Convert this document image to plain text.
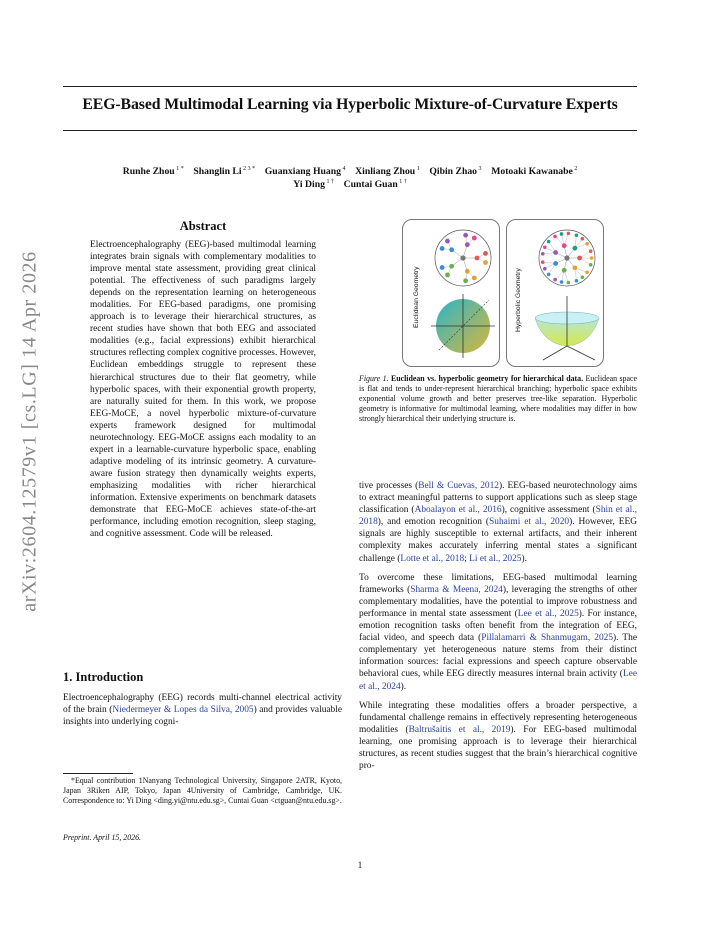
EEG-Based Multimodal Learning via Hyperbolic Mixture-of-Curvature Experts
Runhe Zhou $^{1 *}$  Shanglin Li $^{2 3 *}$  Guanxiang Huang $^4$  Xinliang Zhou $^1$  Qibin Zhao $^3$  Motoaki Kawanabe $^2$
Yi Ding $^{1 \dagger}$  Cuntai Guan $^{1 \dagger}$
arXiv:2604.12579v1 [cs.LG] 14 Apr 2026
Abstract
Electroencephalography (EEG)-based multimodal learning integrates brain signals with complementary modalities to improve mental state assessment, providing great clinical potential. The effectiveness of such paradigms largely depends on the representation learning on heterogeneous modalities. For EEG-based paradigms, one promising approach is to leverage their hierarchical structures, as recent studies have shown that both EEG and associated modalities (e.g., facial expressions) exhibit hierarchical structures reflecting complex cognitive processes. However, Euclidean embeddings struggle to represent these hierarchical structures due to their flat geometry, while hyperbolic spaces, with their exponential growth property, are naturally suited for them. In this work, we propose EEG-MoCE, a novel hyperbolic mixture-of-curvature experts framework designed for multimodal neurotechnology. EEG-MoCE assigns each modality to an expert in a learnable-curvature hyperbolic space, enabling adaptive modeling of its intrinsic geometry. A curvature-aware fusion strategy then dynamically weights experts, emphasizing modalities with richer hierarchical information. Extensive experiments on benchmark datasets demonstrate that EEG-MoCE achieves state-of-the-art performance, including emotion recognition, sleep staging, and cognitive assessment. Code will be released.
1. Introduction
Electroencephalography (EEG) records multi-channel electrical activity of the brain (Niedermeyer & Lopes da Silva, 2005) and provides valuable insights into underlying cogni-
*Equal contribution 1Nanyang Technological University, Singapore 2ATR, Kyoto, Japan 3Riken AIP, Tokyo, Japan 4University of Cambridge, Cambridge, UK. Correspondence to: Yi Ding <ding.yi@ntu.edu.sg>, Cuntai Guan <ctguan@ntu.edu.sg>.
Preprint. April 15, 2026.
Euclidean Geometry	Hyperbolic Geometry
Figure 1. Euclidean vs. hyperbolic geometry for hierarchical data. Euclidean space is flat and tends to under-represent hierarchical branching; hyperbolic space exhibits exponential volume growth and better preserves tree-like separation. Hyperbolic geometry is informative for multimodal learning, where modalities may differ in how strongly hierarchical their underlying structure is.

tive processes (Bell & Cuevas, 2012). EEG-based neurotechnology aims to extract meaningful patterns to support applications such as sleep stage classification (Aboalayon et al., 2016), cognitive assessment (Shin et al., 2018), and emotion recognition (Suhaimi et al., 2020). However, EEG signals are highly susceptible to external artifacts, and their inherent complexity makes accurately inferring mental states a significant challenge (Lotte et al., 2018; Li et al., 2025).

To overcome these limitations, EEG-based multimodal learning frameworks (Sharma & Meena, 2024), leveraging the strengths of other complementary modalities, have the potential to improve robustness and performance in mental state assessment (Lee et al., 2025). For instance, emotion recognition tasks often benefit from the integration of EEG, facial video, and speech data (Pillalamarri & Shanmugam, 2025). The complementary yet heterogeneous nature stems from their distinct information sources: facial expressions and speech capture observable behavioral cues, while EEG directly measures internal brain activity (Lee et al., 2024).

While integrating these modalities offers a broader perspective, a fundamental challenge remains in effectively representing heterogeneous modalities (Baltrušaitis et al., 2019). For EEG-based multimodal learning, one promising approach is to leverage their hierarchical structures, as recent studies suggest that the brain’s hierarchical cognitive pro-

1
